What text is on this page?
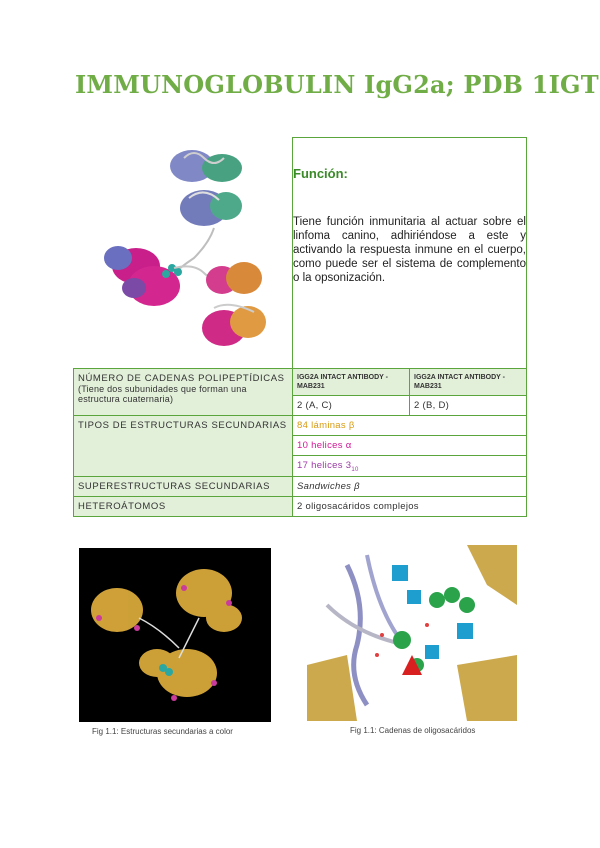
IMMUNOGLOBULIN IgG2a; PDB 1IGT

Función:
Tiene función inmunitaria al actuar sobre el linfoma canino, adhiriéndose a este y activando la respuesta inmune en el cuerpo, como puede ser el sistema de complemento o la opsonización.	

NÚMERO DE CADENAS POLIPEPTÍDICAS
(Tiene dos subunidades que forman una estructura cuaternaria)	IGG2A INTACT ANTIBODY - MAB231	IGG2A INTACT ANTIBODY - MAB231
	2 (A, C)	2 (B, D)
TIPOS DE ESTRUCTURAS SECUNDARIAS	84 láminas β	
	10 helices α	
	17 helices $3_{10}$
SUPERESTRUCTURAS SECUNDARIAS	Sandwiches β	
HETEROÁTOMOS	2 oligosacáridos complejos	
Fig 1.1: Estructuras secundarias a color	Fig 1.1: Cadenas de oligosacáridos
